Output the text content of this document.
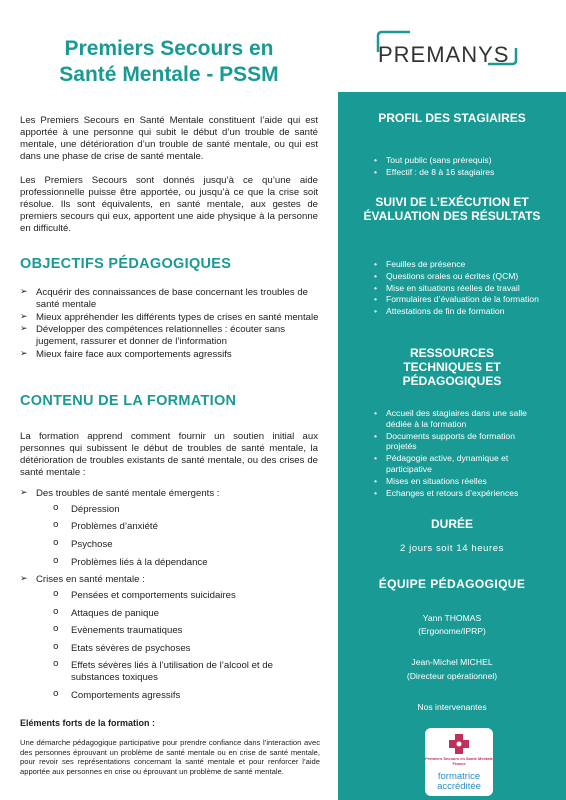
Premiers Secours en
Santé Mentale - PSSM
PREMANYS

Les Premiers Secours en Santé Mentale constituent l’aide qui est apportée à une personne qui subit le début d’un trouble de santé mentale, une détérioration d’un trouble de santé mentale, ou qui est dans une phase de crise de santé mentale.

Les Premiers Secours sont donnés jusqu’à ce qu’une aide professionnelle puisse être apportée, ou jusqu’à ce que la crise soit résolue. Ils sont équivalents, en santé mentale, aux gestes de premiers secours qui eux, apportent une aide physique à la personne en difficulté.

OBJECTIFS PÉDAGOGIQUES
➢ Acquérir des connaissances de base concernant les troubles de santé mentale
➢ Mieux appréhender les différents types de crises en santé mentale
➢ Développer des compétences relationnelles : écouter sans jugement, rassurer et donner de l’information
➢ Mieux faire face aux comportements agressifs
CONTENU DE LA FORMATION

La formation apprend comment fournir un soutien initial aux personnes qui subissent le début de troubles de santé mentale, la détérioration de troubles existants de santé mentale, ou des crises de santé mentale :

➢ Des troubles de santé mentale émergents :
o Dépression
o Problèmes d’anxiété
o Psychose
o Problèmes liés à la dépendance
➢ Crises en santé mentale :
o Pensées et comportements suicidaires
o Attaques de panique
o Evènements traumatiques
o Etats sévères de psychoses
o Effets sévères liés à l’utilisation de l’alcool et de substances toxiques
o Comportements agressifs
Eléments forts de la formation :

Une démarche pédagogique participative pour prendre confiance dans l’interaction avec des personnes éprouvant un problème de santé mentale ou en crise de santé mentale, pour revoir ses représentations concernant la santé mentale et pour renforcer l’aide apportée aux personnes en crise ou éprouvant un problème de santé mentale.

PROFIL DES STAGIAIRES
• Tout public (sans prérequis)
• Effectif : de 8 à 16 stagiaires
SUIVI DE L’EXÉCUTION ET ÉVALUATION DES RÉSULTATS
• Feuilles de présence
• Questions orales ou écrites (QCM)
• Mise en situations réelles de travail
• Formulaires d’évaluation de la formation
• Attestations de fin de formation
RESSOURCES TECHNIQUES ET PÉDAGOGIQUES
• Accueil des stagiaires dans une salle dédiée à la formation
• Documents supports de formation projetés
• Pédagogie active, dynamique et participative
• Mises en situations réelles
• Echanges et retours d’expériences
DURÉE

2 jours soit 14 heures

ÉQUIPE PÉDAGOGIQUE

Yann THOMAS

(Ergonome/IPRP)

Jean-Michel MICHEL

(Directeur opérationnel)

Nos intervenantes

Premiers Secours en Santé Mentale France
formatrice
accréditée
